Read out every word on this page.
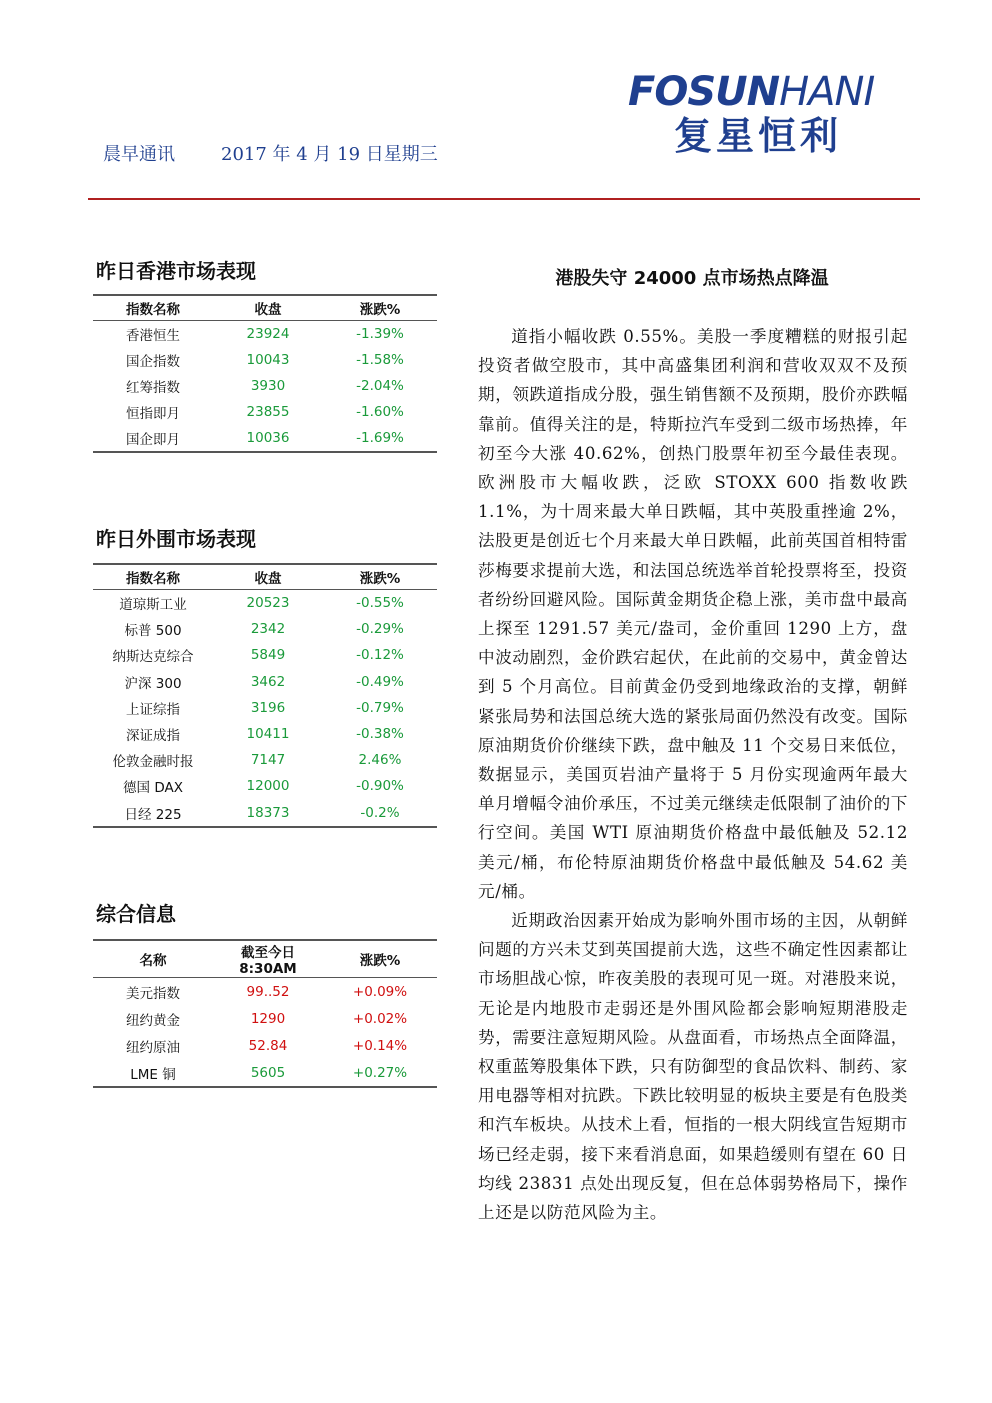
FOSUNHANI
复星恒利
晨早通讯	2017 年 4 月 19 日星期三
昨日香港市场表现
指数名称	收盘	涨跌%
香港恒生	23924	-1.39%
国企指数	10043	-1.58%
红筹指数	3930	-2.04%
恒指即月	23855	-1.60%
国企即月	10036	-1.69%
昨日外围市场表现
指数名称	收盘	涨跌%
道琼斯工业	20523	-0.55%
标普 500	2342	-0.29%
纳斯达克综合	5849	-0.12%
沪深 300	3462	-0.49%
上证综指	3196	-0.79%
深证成指	10411	-0.38%
伦敦金融时报	7147	2.46%
德国 DAX	12000	-0.90%
日经 225	18373	-0.2%
综合信息
名称	截至今日 8:30AM	涨跌%
美元指数	99..52	+0.09%
纽约黄金	1290	+0.02%
纽约原油	52.84	+0.14%
LME 铜	5605	+0.27%
港股失守 24000 点市场热点降温

道指小幅收跌 0.55%。美股一季度糟糕的财报引起投资者做空股市，其中高盛集团利润和营收双双不及预期，领跌道指成分股，强生销售额不及预期，股价亦跌幅靠前。值得关注的是，特斯拉汽车受到二级市场热捧，年初至今大涨 40.62%，创热门股票年初至今最佳表现。欧洲股市大幅收跌，泛欧 STOXX 600 指数收跌 1.1%，为十周来最大单日跌幅，其中英股重挫逾 2%，法股更是创近七个月来最大单日跌幅，此前英国首相特雷莎梅要求提前大选，和法国总统选举首轮投票将至，投资者纷纷回避风险。国际黄金期货企稳上涨，美市盘中最高上探至 1291.57 美元/盎司，金价重回 1290 上方，盘中波动剧烈，金价跌宕起伏，在此前的交易中，黄金曾达到 5 个月高位。目前黄金仍受到地缘政治的支撑，朝鲜紧张局势和法国总统大选的紧张局面仍然没有改变。国际原油期货价价继续下跌，盘中触及 11 个交易日来低位，数据显示，美国页岩油产量将于 5 月份实现逾两年最大单月增幅令油价承压，不过美元继续走低限制了油价的下行空间。美国 WTI 原油期货价格盘中最低触及 52.12 美元/桶，布伦特原油期货价格盘中最低触及 54.62 美元/桶。

近期政治因素开始成为影响外围市场的主因，从朝鲜问题的方兴未艾到英国提前大选，这些不确定性因素都让市场胆战心惊，昨夜美股的表现可见一斑。对港股来说，无论是内地股市走弱还是外围风险都会影响短期港股走势，需要注意短期风险。从盘面看，市场热点全面降温，权重蓝筹股集体下跌，只有防御型的食品饮料、制药、家用电器等相对抗跌。下跌比较明显的板块主要是有色股类和汽车板块。从技术上看，恒指的一根大阴线宣告短期市场已经走弱，接下来看消息面，如果趋缓则有望在 60 日均线 23831 点处出现反复，但在总体弱势格局下，操作上还是以防范风险为主。
